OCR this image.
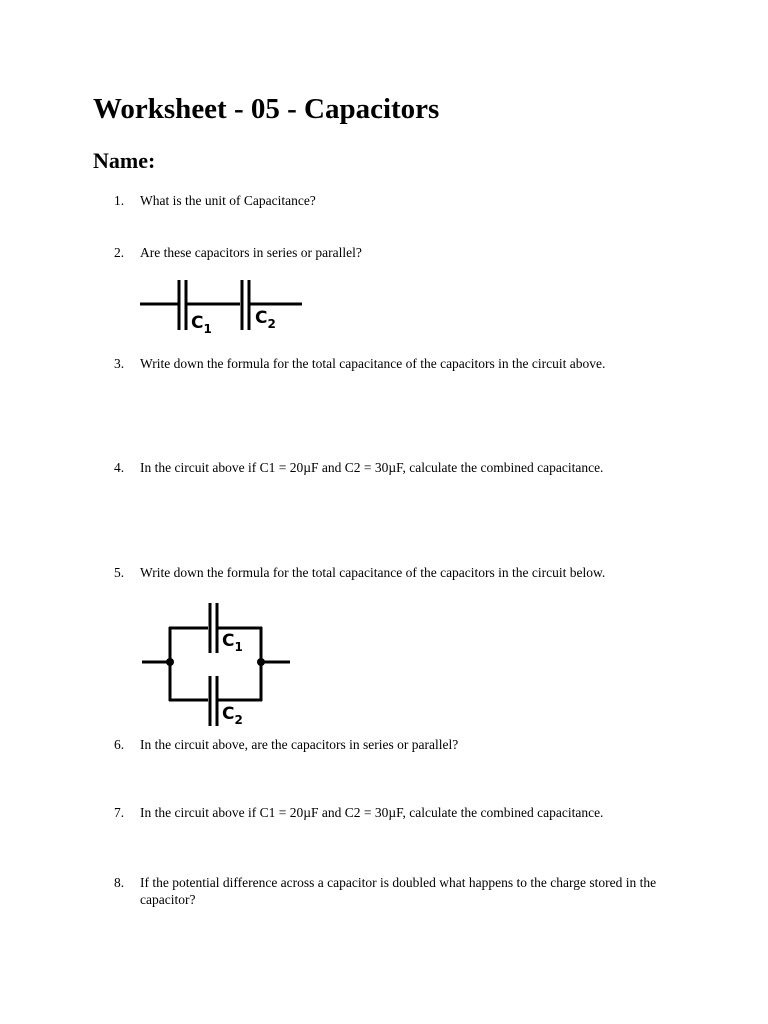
Worksheet - 05 - Capacitors
Name:
1.	What is the unit of Capacitance?
2.	Are these capacitors in series or parallel?
$C_1$
$C_2$
3.	Write down the formula for the total capacitance of the capacitors in the circuit above.
4.	In the circuit above if C1 = 20µF and C2 = 30µF, calculate the combined capacitance.
5.	Write down the formula for the total capacitance of the capacitors in the circuit below.
$C_1$
$C_2$
6.	In the circuit above, are the capacitors in series or parallel?
7.	In the circuit above if C1 = 20µF and C2 = 30µF, calculate the combined capacitance.
8.	If the potential difference across a capacitor is doubled what happens to the charge stored in the capacitor?
